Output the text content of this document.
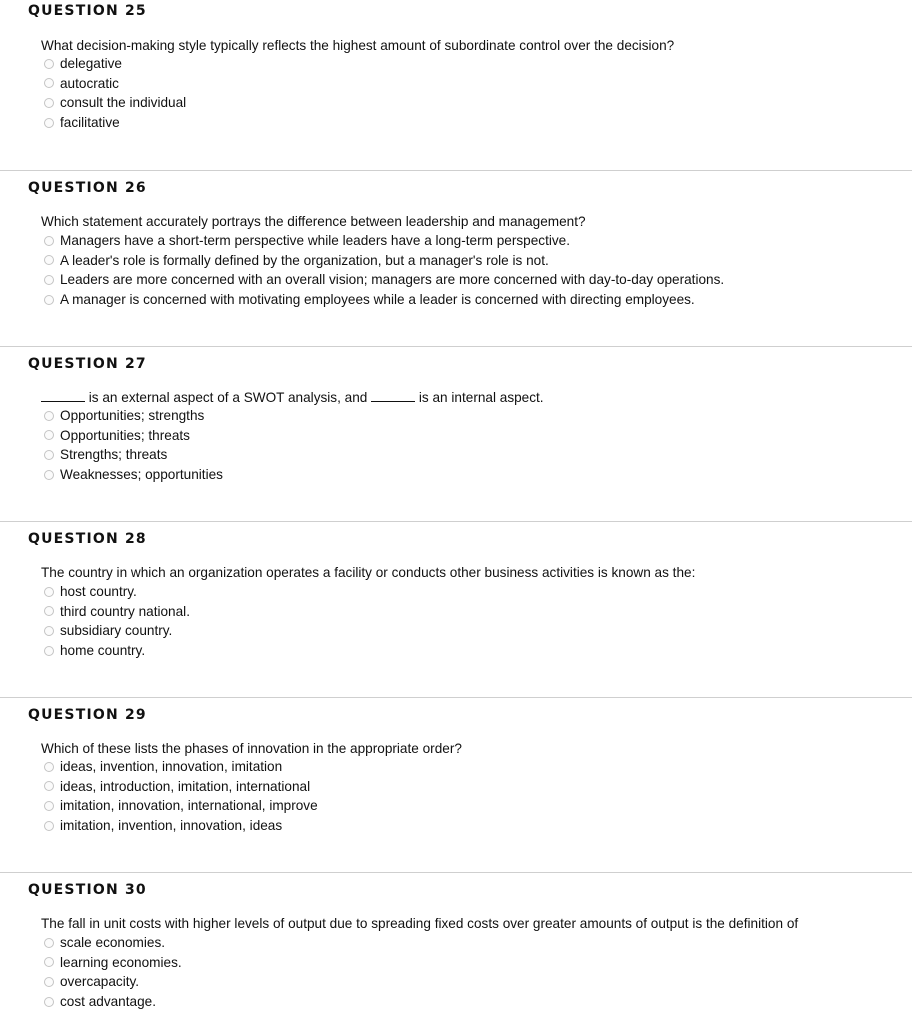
QUESTION 25
What decision-making style typically reflects the highest amount of subordinate control over the decision?
delegative
autocratic
consult the individual
facilitative
QUESTION 26
Which statement accurately portrays the difference between leadership and management?
Managers have a short-term perspective while leaders have a long-term perspective.
A leader's role is formally defined by the organization, but a manager's role is not.
Leaders are more concerned with an overall vision; managers are more concerned with day-to-day operations.
A manager is concerned with motivating employees while a leader is concerned with directing employees.
QUESTION 27
is an external aspect of a SWOT analysis, and	is an internal aspect.
Opportunities; strengths
Opportunities; threats
Strengths; threats
Weaknesses; opportunities
QUESTION 28
The country in which an organization operates a facility or conducts other business activities is known as the:
host country.
third country national.
subsidiary country.
home country.
QUESTION 29
Which of these lists the phases of innovation in the appropriate order?
ideas, invention, innovation, imitation
ideas, introduction, imitation, international
imitation, innovation, international, improve
imitation, invention, innovation, ideas
QUESTION 30
The fall in unit costs with higher levels of output due to spreading fixed costs over greater amounts of output is the definition of
scale economies.
learning economies.
overcapacity.
cost advantage.
